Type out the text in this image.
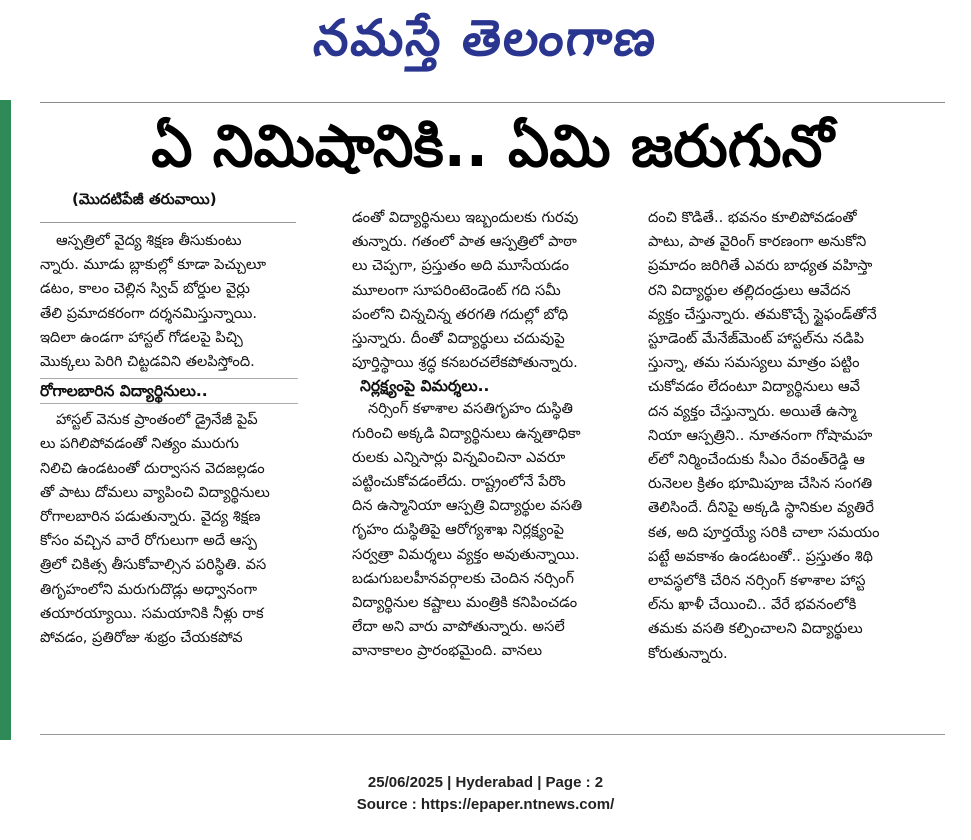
నమస్తే తెలంగాణ
ఏ నిమిషానికి.. ఏమి జరుగునో
(మొదటిపేజీ తరువాయి)
ఆస్పత్రిలో వైద్య శిక్షణ తీసుకుంటు
న్నారు. మూడు బ్లాకుల్లో కూడా పెచ్చులూ
డటం, కాలం చెల్లిన స్విచ్ బోర్డుల వైర్లు
తేలి ప్రమాదకరంగా దర్శనమిస్తున్నాయి.
ఇదిలా ఉండగా హాస్టల్ గోడలపై పిచ్చి
మొక్కలు పెరిగి చిట్టడవిని తలపిస్తోంది.
రోగాలబారిన విద్యార్థినులు..
హాస్టల్ వెనుక ప్రాంతంలో డ్రైనేజీ పైప్
లు పగిలిపోవడంతో నిత్యం మురుగు
నిలిచి ఉండటంతో దుర్వాసన వెదజల్లడం
తో పాటు దోమలు వ్యాపించి విద్యార్థినులు
రోగాలబారిన పడుతున్నారు. వైద్య శిక్షణ
కోసం వచ్చిన వారే రోగులుగా అదే ఆస్ప
త్రిలో చికిత్స తీసుకోవాల్సిన పరిస్థితి. వస
తిగృహంలోని మరుగుదొడ్లు అధ్వానంగా
తయారయ్యాయి. సమయానికి నీళ్లు రాక
పోవడం, ప్రతిరోజు శుభ్రం చేయకపోవ
డంతో విద్యార్థినులు ఇబ్బందులకు గురవు
తున్నారు. గతంలో పాత ఆస్పత్రిలో పాఠా
లు చెప్పగా, ప్రస్తుతం అది మూసేయడం
మూలంగా సూపరింటెండెంట్ గది సమీ
పంలోని చిన్నచిన్న తరగతి గదుల్లో బోధి
స్తున్నారు. దీంతో విద్యార్థులు చదువుపై
పూర్తిస్థాయి శ్రద్ధ కనబరచలేకపోతున్నారు.
నిర్లక్ష్యంపై విమర్శలు..
నర్సింగ్ కళాశాల వసతిగృహం దుస్థితి
గురించి అక్కడి విద్యార్థినులు ఉన్నతాధికా
రులకు ఎన్నిసార్లు విన్నవించినా ఎవరూ
పట్టించుకోవడంలేదు. రాష్ట్రంలోనే పేరొం
దిన ఉస్మానియా ఆస్పత్రి విద్యార్థుల వసతి
గృహం దుస్థితిపై ఆరోగ్యశాఖ నిర్లక్ష్యంపై
సర్వత్రా విమర్శలు వ్యక్తం అవుతున్నాయి.
బడుగుబలహీనవర్గాలకు చెందిన నర్సింగ్
విద్యార్థినుల కష్టాలు మంత్రికి కనిపించడం
లేదా అని వారు వాపోతున్నారు. అసలే
వానాకాలం ప్రారంభమైంది. వానలు
దంచి కొడితే.. భవనం కూలిపోవడంతో
పాటు, పాత వైరింగ్ కారణంగా అనుకోని
ప్రమాదం జరిగితే ఎవరు బాధ్యత వహిస్తా
రని విద్యార్థుల తల్లిదండ్రులు ఆవేదన
వ్యక్తం చేస్తున్నారు. తమకొచ్చే స్టైఫండ్‌తోనే
స్టూడెంట్ మేనేజ్‌మెంట్ హాస్టల్‌ను నడిపి
స్తున్నా, తమ సమస్యలు మాత్రం పట్టిం
చుకోవడం లేదంటూ విద్యార్థినులు ఆవే
దన వ్యక్తం చేస్తున్నారు. అయితే ఉస్మా
నియా ఆస్పత్రిని.. నూతనంగా గోషామహ
ల్‌లో నిర్మించేందుకు సీఎం రేవంత్‌రెడ్డి ఆ
రునెలల క్రితం భూమిపూజ చేసిన సంగతి
తెలిసిందే. దీనిపై అక్కడి స్థానికుల వ్యతిరే
కత, అది పూర్తయ్యే సరికి చాలా సమయం
పట్టే అవకాశం ఉండటంతో.. ప్రస్తుతం శిథి
లావస్థలోకి చేరిన నర్సింగ్ కళాశాల హాస్ట
ల్‌ను ఖాళీ చేయించి.. వేరే భవనంలోకి
తమకు వసతి కల్పించాలని విద్యార్థులు
కోరుతున్నారు.
25/06/2025 | Hyderabad | Page : 2
Source : https://epaper.ntnews.com/
